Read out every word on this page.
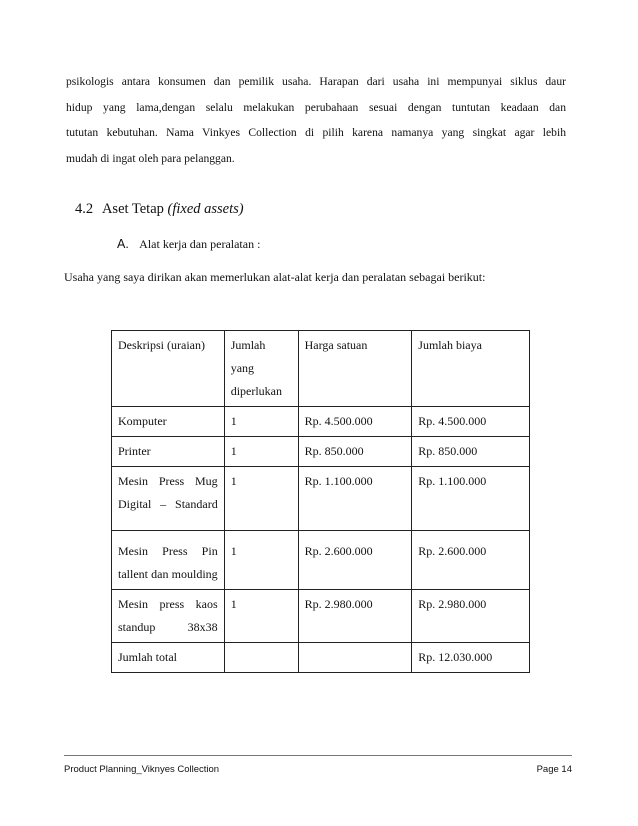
psikologis antara konsumen dan pemilik usaha. Harapan dari usaha ini mempunyai siklus daur
hidup yang lama,dengan selalu melakukan perubahaan sesuai dengan tuntutan keadaan dan
tututan kebutuhan. Nama Vinkyes Collection di pilih karena namanya yang singkat agar lebih
mudah di ingat oleh para pelanggan.
4.2 Aset Tetap (fixed assets)
A. Alat kerja dan peralatan :
Usaha yang saya dirikan akan memerlukan alat-alat kerja dan peralatan sebagai berikut:
Deskripsi (uraian)	Jumlah yang diperlukan	Harga satuan	Jumlah biaya
Komputer	1	Rp. 4.500.000	Rp. 4.500.000
Printer	1	Rp. 850.000	Rp. 850.000
Mesin Press Mug Digital – Standard	1	Rp. 1.100.000	Rp. 1.100.000
Mesin Press Pin tallent dan moulding	1	Rp. 2.600.000	Rp. 2.600.000
Mesin press kaos standup 38x38	1	Rp. 2.980.000	Rp. 2.980.000
Jumlah total			Rp. 12.030.000
Product Planning_Viknyes Collection	Page 14
